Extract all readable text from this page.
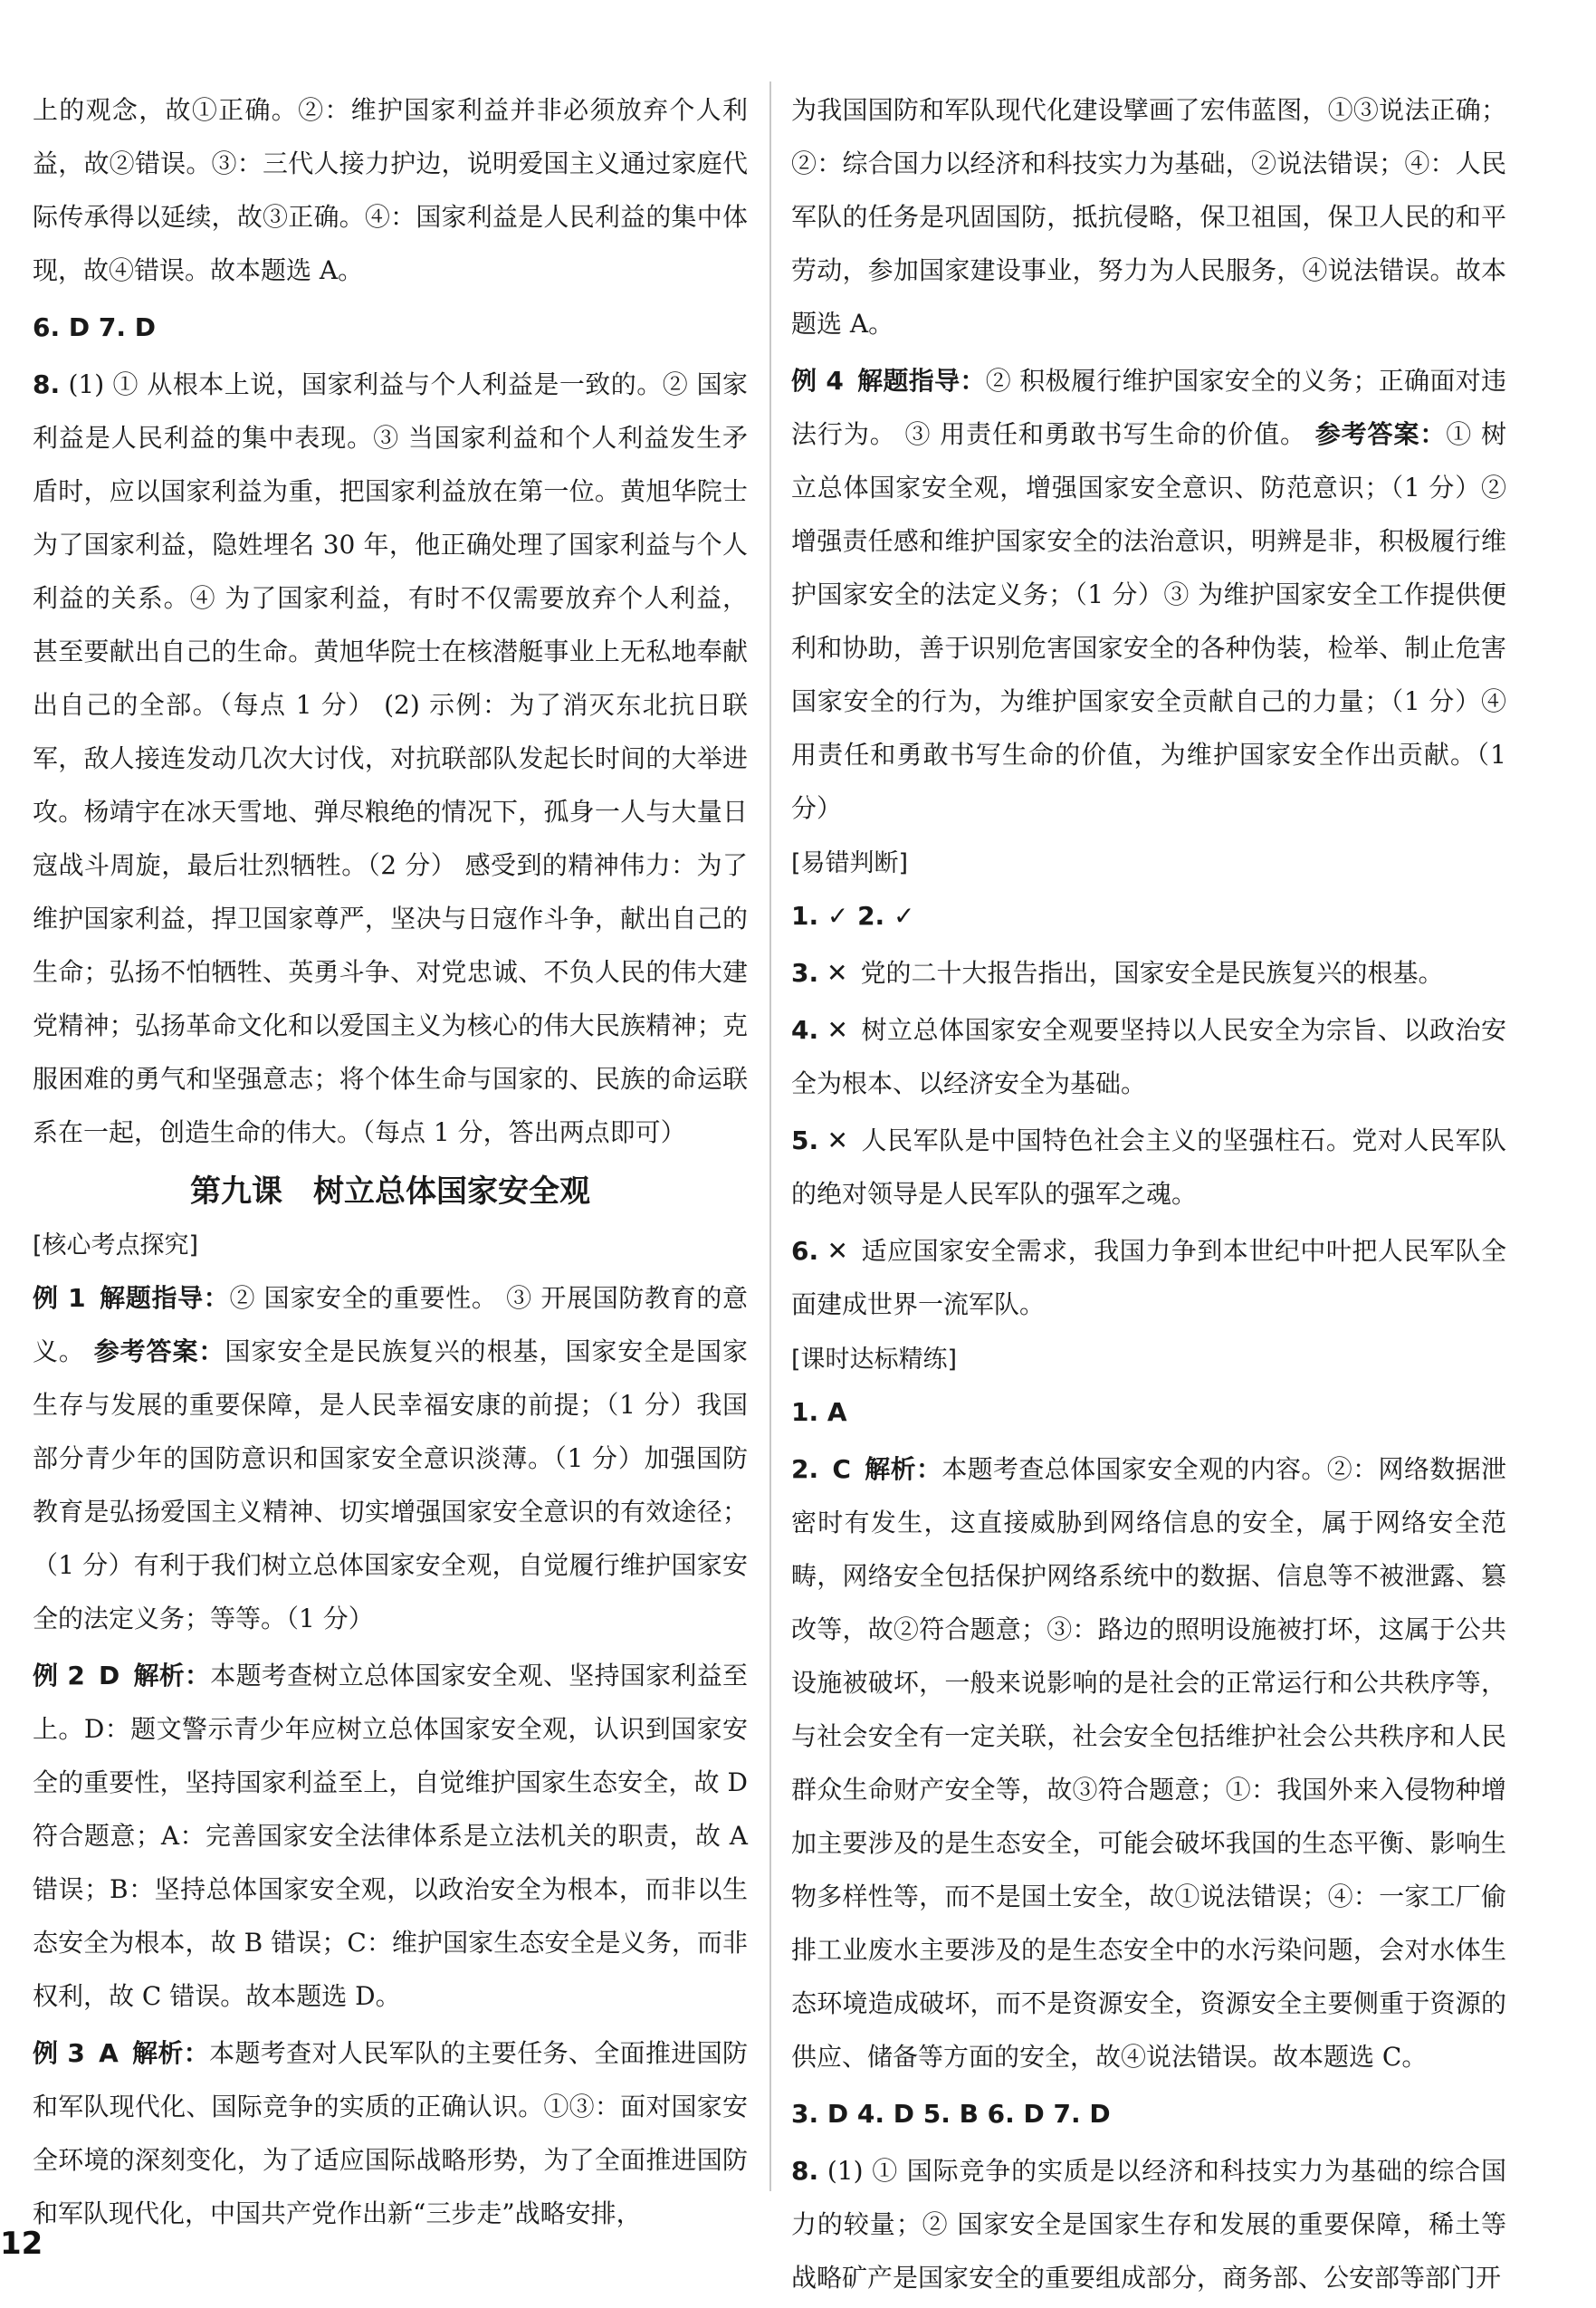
上的观念，故①正确。②：维护国家利益并非必须放弃个人利益，故②错误。③：三代人接力护边，说明爱国主义通过家庭代际传承得以延续，故③正确。④：国家利益是人民利益的集中体现，故④错误。故本题选 A。

6. D 7. D

8. (1) ① 从根本上说，国家利益与个人利益是一致的。② 国家利益是人民利益的集中表现。③ 当国家利益和个人利益发生矛盾时，应以国家利益为重，把国家利益放在第一位。黄旭华院士为了国家利益，隐姓埋名 30 年，他正确处理了国家利益与个人利益的关系。④ 为了国家利益，有时不仅需要放弃个人利益，甚至要献出自己的生命。黄旭华院士在核潜艇事业上无私地奉献出自己的全部。（每点 1 分） (2) 示例：为了消灭东北抗日联军，敌人接连发动几次大讨伐，对抗联部队发起长时间的大举进攻。杨靖宇在冰天雪地、弹尽粮绝的情况下，孤身一人与大量日寇战斗周旋，最后壮烈牺牲。（2 分） 感受到的精神伟力：为了维护国家利益，捍卫国家尊严，坚决与日寇作斗争，献出自己的生命；弘扬不怕牺牲、英勇斗争、对党忠诚、不负人民的伟大建党精神；弘扬革命文化和以爱国主义为核心的伟大民族精神；克服困难的勇气和坚强意志；将个体生命与国家的、民族的命运联系在一起，创造生命的伟大。（每点 1 分，答出两点即可）

第九课　树立总体国家安全观
[核心考点探究]

例 1 解题指导：② 国家安全的重要性。 ③ 开展国防教育的意义。 参考答案：国家安全是民族复兴的根基，国家安全是国家生存与发展的重要保障，是人民幸福安康的前提；（1 分）我国部分青少年的国防意识和国家安全意识淡薄。（1 分）加强国防教育是弘扬爱国主义精神、切实增强国家安全意识的有效途径；（1 分）有利于我们树立总体国家安全观，自觉履行维护国家安全的法定义务；等等。（1 分）

例 2 D 解析：本题考查树立总体国家安全观、坚持国家利益至上。D：题文警示青少年应树立总体国家安全观，认识到国家安全的重要性，坚持国家利益至上，自觉维护国家生态安全，故 D 符合题意；A：完善国家安全法律体系是立法机关的职责，故 A 错误；B：坚持总体国家安全观，以政治安全为根本，而非以生态安全为根本，故 B 错误；C：维护国家生态安全是义务，而非权利，故 C 错误。故本题选 D。

例 3 A 解析：本题考查对人民军队的主要任务、全面推进国防和军队现代化、国际竞争的实质的正确认识。①③：面对国家安全环境的深刻变化，为了适应国际战略形势，为了全面推进国防和军队现代化，中国共产党作出新“三步走”战略安排，

为我国国防和军队现代化建设擘画了宏伟蓝图，①③说法正确；②：综合国力以经济和科技实力为基础，②说法错误；④：人民军队的任务是巩固国防，抵抗侵略，保卫祖国，保卫人民的和平劳动，参加国家建设事业，努力为人民服务，④说法错误。故本题选 A。

例 4 解题指导：② 积极履行维护国家安全的义务；正确面对违法行为。 ③ 用责任和勇敢书写生命的价值。 参考答案：① 树立总体国家安全观，增强国家安全意识、防范意识；（1 分）② 增强责任感和维护国家安全的法治意识，明辨是非，积极履行维护国家安全的法定义务；（1 分）③ 为维护国家安全工作提供便利和协助，善于识别危害国家安全的各种伪装，检举、制止危害国家安全的行为，为维护国家安全贡献自己的力量；（1 分）④ 用责任和勇敢书写生命的价值，为维护国家安全作出贡献。（1 分）

[易错判断]

1. ✓ 2. ✓

3. ✕ 党的二十大报告指出，国家安全是民族复兴的根基。

4. ✕ 树立总体国家安全观要坚持以人民安全为宗旨、以政治安全为根本、以经济安全为基础。

5. ✕ 人民军队是中国特色社会主义的坚强柱石。党对人民军队的绝对领导是人民军队的强军之魂。

6. ✕ 适应国家安全需求，我国力争到本世纪中叶把人民军队全面建成世界一流军队。

[课时达标精练]

1. A

2. C 解析：本题考查总体国家安全观的内容。②：网络数据泄密时有发生，这直接威胁到网络信息的安全，属于网络安全范畴，网络安全包括保护网络系统中的数据、信息等不被泄露、篡改等，故②符合题意；③：路边的照明设施被打坏，这属于公共设施被破坏，一般来说影响的是社会的正常运行和公共秩序等，与社会安全有一定关联，社会安全包括维护社会公共秩序和人民群众生命财产安全等，故③符合题意；①：我国外来入侵物种增加主要涉及的是生态安全，可能会破坏我国的生态平衡、影响生物多样性等，而不是国土安全，故①说法错误；④：一家工厂偷排工业废水主要涉及的是生态安全中的水污染问题，会对水体生态环境造成破坏，而不是资源安全，资源安全主要侧重于资源的供应、储备等方面的安全，故④说法错误。故本题选 C。

3. D 4. D 5. B 6. D 7. D

8. (1) ① 国际竞争的实质是以经济和科技实力为基础的综合国力的较量；② 国家安全是国家生存和发展的重要保障，稀土等战略矿产是国家安全的重要组成部分，商务部、公安部等部门开

12
